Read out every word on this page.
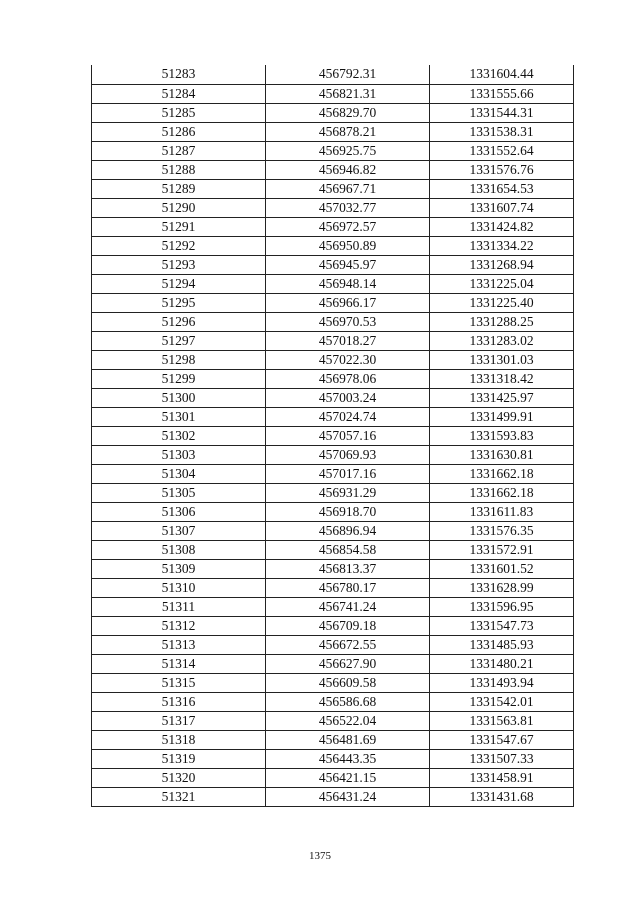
51283	456792.31	1331604.44
51284	456821.31	1331555.66
51285	456829.70	1331544.31
51286	456878.21	1331538.31
51287	456925.75	1331552.64
51288	456946.82	1331576.76
51289	456967.71	1331654.53
51290	457032.77	1331607.74
51291	456972.57	1331424.82
51292	456950.89	1331334.22
51293	456945.97	1331268.94
51294	456948.14	1331225.04
51295	456966.17	1331225.40
51296	456970.53	1331288.25
51297	457018.27	1331283.02
51298	457022.30	1331301.03
51299	456978.06	1331318.42
51300	457003.24	1331425.97
51301	457024.74	1331499.91
51302	457057.16	1331593.83
51303	457069.93	1331630.81
51304	457017.16	1331662.18
51305	456931.29	1331662.18
51306	456918.70	1331611.83
51307	456896.94	1331576.35
51308	456854.58	1331572.91
51309	456813.37	1331601.52
51310	456780.17	1331628.99
51311	456741.24	1331596.95
51312	456709.18	1331547.73
51313	456672.55	1331485.93
51314	456627.90	1331480.21
51315	456609.58	1331493.94
51316	456586.68	1331542.01
51317	456522.04	1331563.81
51318	456481.69	1331547.67
51319	456443.35	1331507.33
51320	456421.15	1331458.91
51321	456431.24	1331431.68
1375
